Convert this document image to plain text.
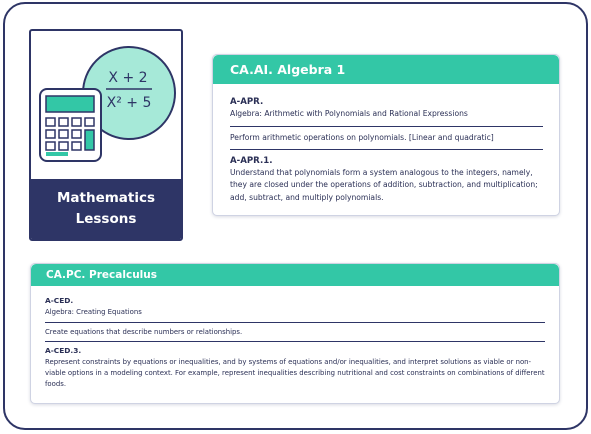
X + 2
X² + 5
Mathematics
Lessons
CA.AI. Algebra 1
A-APR.
Algebra: Arithmetic with Polynomials and Rational Expressions
Perform arithmetic operations on polynomials. [Linear and quadratic]
A-APR.1.
Understand that polynomials form a system analogous to the integers, namely, they are closed under the operations of addition, subtraction, and multiplication; add, subtract, and multiply polynomials.
CA.PC. Precalculus
A-CED.
Algebra: Creating Equations
Create equations that describe numbers or relationships.
A-CED.3.
Represent constraints by equations or inequalities, and by systems of equations and/or inequalities, and interpret solutions as viable or non-viable options in a modeling context. For example, represent inequalities describing nutritional and cost constraints on combinations of different foods.
